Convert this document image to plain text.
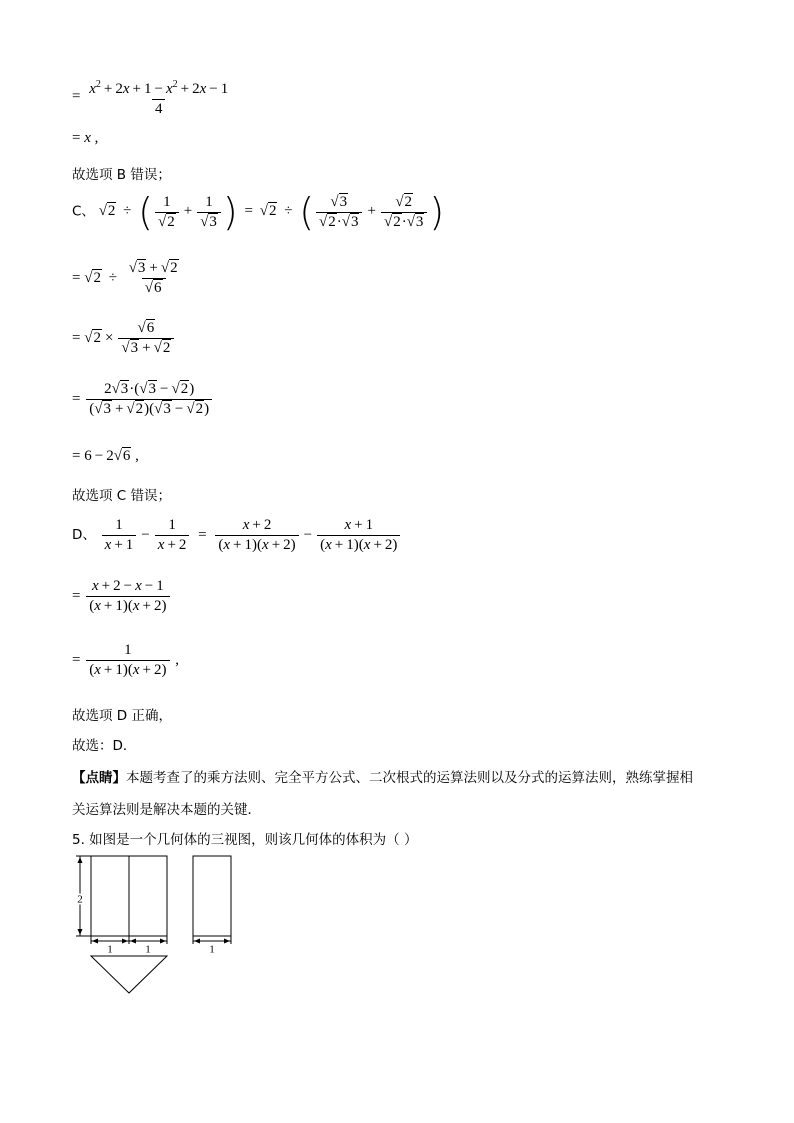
= $\frac{x^2 + 2x + 1 - x^2 + 2x - 1}{4}$
= x ,
故选项 B 错误；
C、 √2 ÷ ( $\frac{1}{√2} + \frac{1}{√3}$ ) = √2 ÷ ( $\frac{√3}{√2\cdot√3} + \frac{√2}{√2\cdot√3}$ )
= $√2 \div \frac{√3 + √2}{√6}$
= $√2 \times \frac{√6}{√3 + √2}$
= $\frac{2√3\cdot(√3 - √2)}{(√3 + √2)(√3 - √2)}$
= 6 − 2√6 ,
故选项 C 错误；
D、 $\frac{1}{x + 1} - \frac{1}{x + 2} = \frac{x + 2}{(x + 1)(x + 2)} - \frac{x + 1}{(x + 1)(x + 2)}$
= $\frac{x + 2 - x - 1}{(x + 1)(x + 2)}$
= $\frac{1}{(x + 1)(x + 2)}$ ,
故选项 D 正确，
故选：D．
【点睛】本题考查了的乘方法则、完全平方公式、二次根式的运算法则以及分式的运算法则，熟练掌握相
关运算法则是解决本题的关键．
5. 如图是一个几何体的三视图，则该几何体的体积为（ ）
2
1	1	1
